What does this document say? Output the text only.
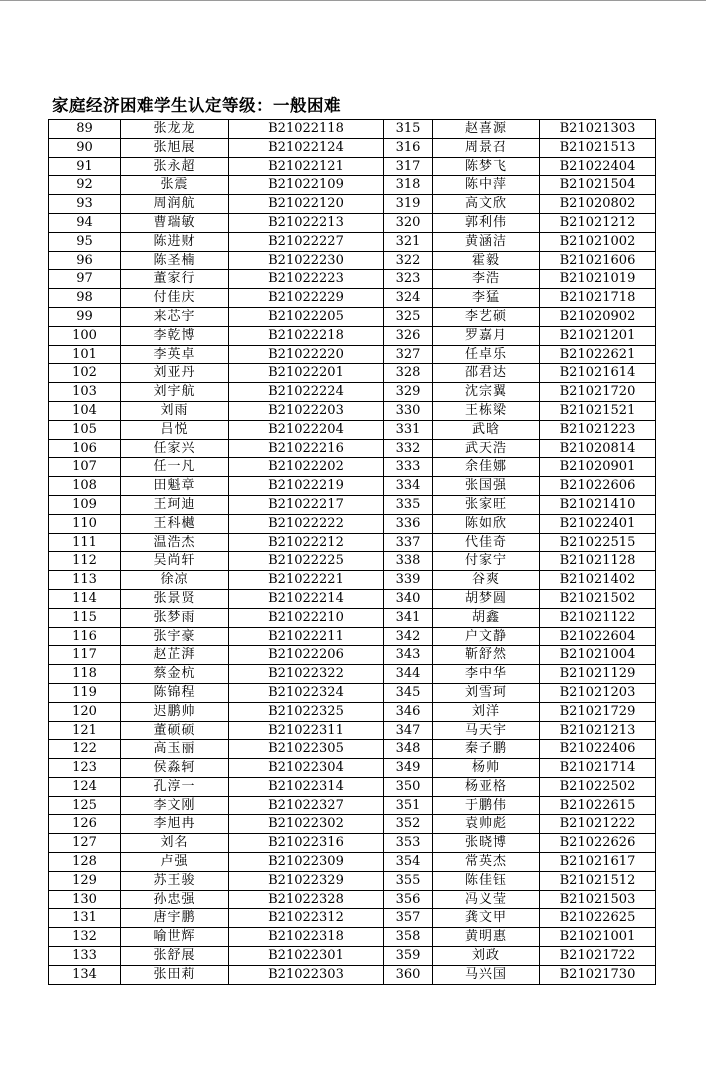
家庭经济困难学生认定等级：一般困难
89	张龙龙	B21022118	315	赵喜源	B21021303
90	张旭展	B21022124	316	周景召	B21021513
91	张永超	B21022121	317	陈梦飞	B21022404
92	张震	B21022109	318	陈中萍	B21021504
93	周润航	B21022120	319	高文欣	B21020802
94	曹瑞敏	B21022213	320	郭利伟	B21021212
95	陈进财	B21022227	321	黄涵洁	B21021002
96	陈圣楠	B21022230	322	霍毅	B21021606
97	董家行	B21022223	323	李浩	B21021019
98	付佳庆	B21022229	324	李猛	B21021718
99	来芯宇	B21022205	325	李艺硕	B21020902
100	李乾博	B21022218	326	罗嘉月	B21021201
101	李英卓	B21022220	327	任卓乐	B21022621
102	刘亚丹	B21022201	328	邵君达	B21021614
103	刘宇航	B21022224	329	沈宗翼	B21021720
104	刘雨	B21022203	330	王栋梁	B21021521
105	吕悦	B21022204	331	武晗	B21021223
106	任家兴	B21022216	332	武天浩	B21020814
107	任一凡	B21022202	333	余佳娜	B21020901
108	田魁章	B21022219	334	张国强	B21022606
109	王珂迪	B21022217	335	张家旺	B21021410
110	王科樾	B21022222	336	陈如欣	B21022401
111	温浩杰	B21022212	337	代佳奇	B21022515
112	吴尚轩	B21022225	338	付家宁	B21021128
113	徐凉	B21022221	339	谷爽	B21021402
114	张景贤	B21022214	340	胡梦圆	B21021502
115	张梦雨	B21022210	341	胡鑫	B21021122
116	张宇豪	B21022211	342	户文静	B21022604
117	赵芷湃	B21022206	343	靳舒然	B21021004
118	蔡金杭	B21022322	344	李中华	B21021129
119	陈锦程	B21022324	345	刘雪珂	B21021203
120	迟鹏帅	B21022325	346	刘洋	B21021729
121	董硕硕	B21022311	347	马天宇	B21021213
122	高玉丽	B21022305	348	秦子鹏	B21022406
123	侯淼轲	B21022304	349	杨帅	B21021714
124	孔淳一	B21022314	350	杨亚格	B21022502
125	李文刚	B21022327	351	于鹏伟	B21022615
126	李旭冉	B21022302	352	袁帅彪	B21021222
127	刘名	B21022316	353	张晓博	B21022626
128	卢强	B21022309	354	常英杰	B21021617
129	苏王骏	B21022329	355	陈佳钰	B21021512
130	孙忠强	B21022328	356	冯义莹	B21021503
131	唐宇鹏	B21022312	357	龚文甲	B21022625
132	喻世辉	B21022318	358	黄明惠	B21021001
133	张舒展	B21022301	359	刘政	B21021722
134	张田莉	B21022303	360	马兴国	B21021730
